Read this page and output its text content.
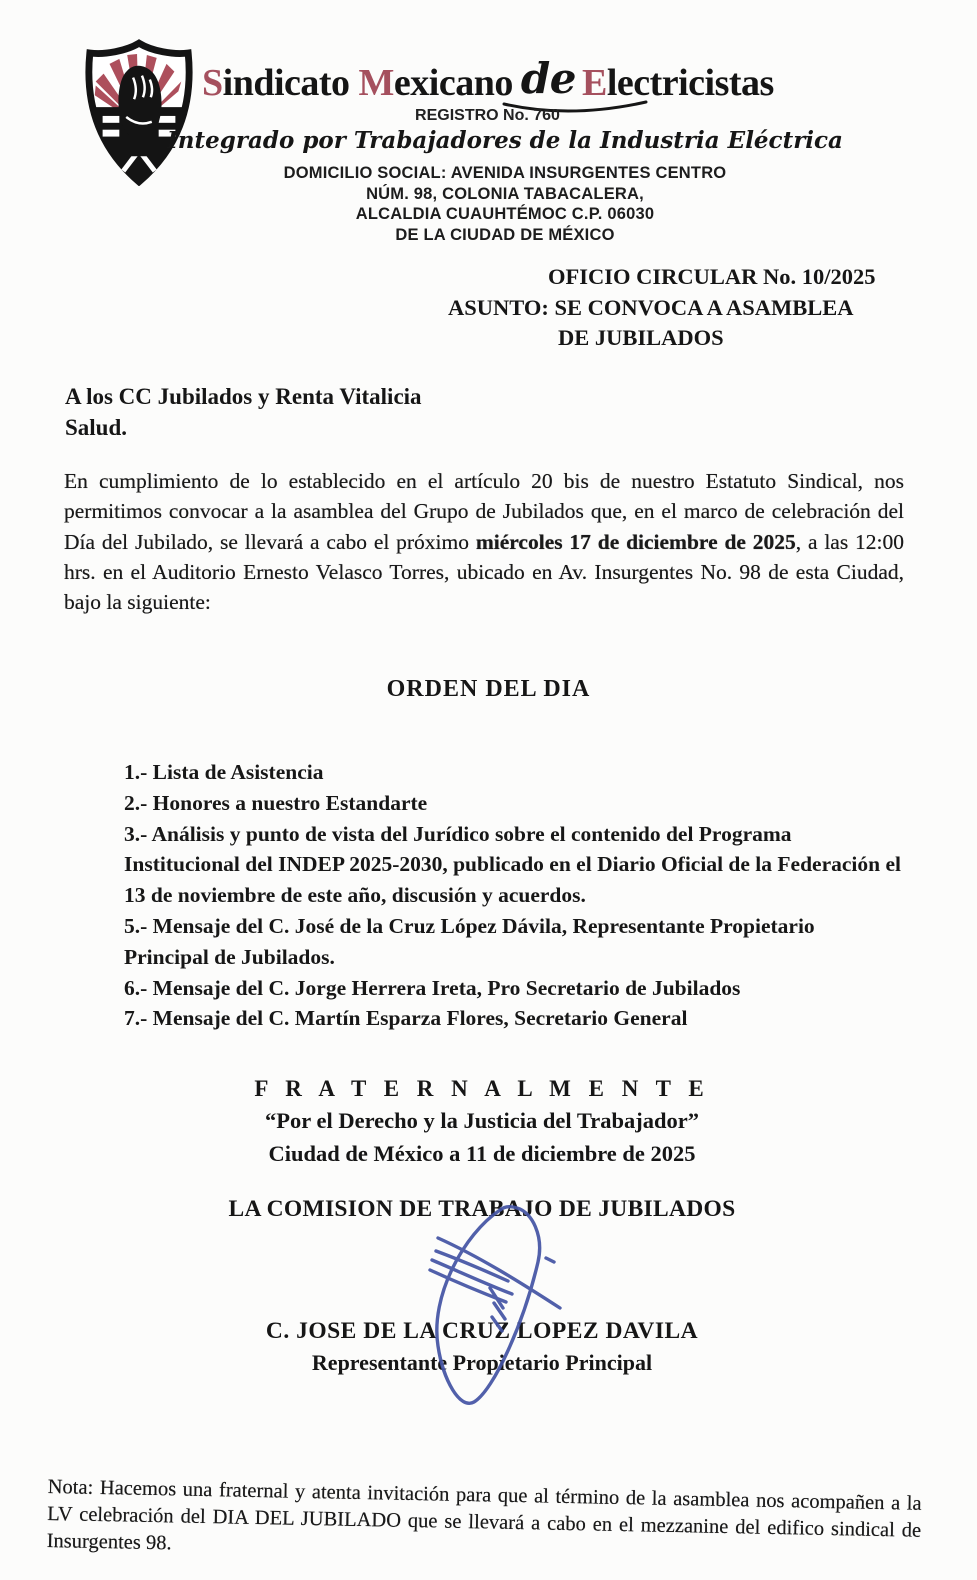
Sindicato Mexicano de Electricistas
REGISTRO No. 760
Integrado por Trabajadores de la Industria Eléctrica
DOMICILIO SOCIAL: AVENIDA INSURGENTES CENTRO
NÚM. 98, COLONIA TABACALERA,
ALCALDIA CUAUHTÉMOC C.P. 06030
DE LA CIUDAD DE MÉXICO
OFICIO CIRCULAR No. 10/2025
ASUNTO: SE CONVOCA A ASAMBLEA
DE JUBILADOS
A los CC Jubilados y Renta Vitalicia
Salud.

En cumplimiento de lo establecido en el artículo 20 bis de nuestro Estatuto Sindical, nos permitimos convocar a la asamblea del Grupo de Jubilados que, en el marco de celebración del Día del Jubilado, se llevará a cabo el próximo miércoles 17 de diciembre de 2025, a las 12:00 hrs. en el Auditorio Ernesto Velasco Torres, ubicado en Av. Insurgentes No. 98 de esta Ciudad, bajo la siguiente:

ORDEN DEL DIA
1.- Lista de Asistencia
2.- Honores a nuestro Estandarte
3.- Análisis y punto de vista del Jurídico sobre el contenido del Programa Institucional del INDEP 2025-2030, publicado en el Diario Oficial de la Federación el 13 de noviembre de este año, discusión y acuerdos.
5.- Mensaje del C. José de la Cruz López Dávila, Representante Propietario Principal de Jubilados.
6.- Mensaje del C. Jorge Herrera Ireta, Pro Secretario de Jubilados
7.- Mensaje del C. Martín Esparza Flores, Secretario General
F R A T E R N A L M E N T E
“Por el Derecho y la Justicia del Trabajador”
Ciudad de México a 11 de diciembre de 2025
LA COMISION DE TRABAJO DE JUBILADOS
C. JOSE DE LA CRUZ LOPEZ DAVILA
Representante Propietario Principal

Nota: Hacemos una fraternal y atenta invitación para que al término de la asamblea nos acompañen a la LV celebración del DIA DEL JUBILADO que se llevará a cabo en el mezzanine del edifico sindical de Insurgentes 98.
